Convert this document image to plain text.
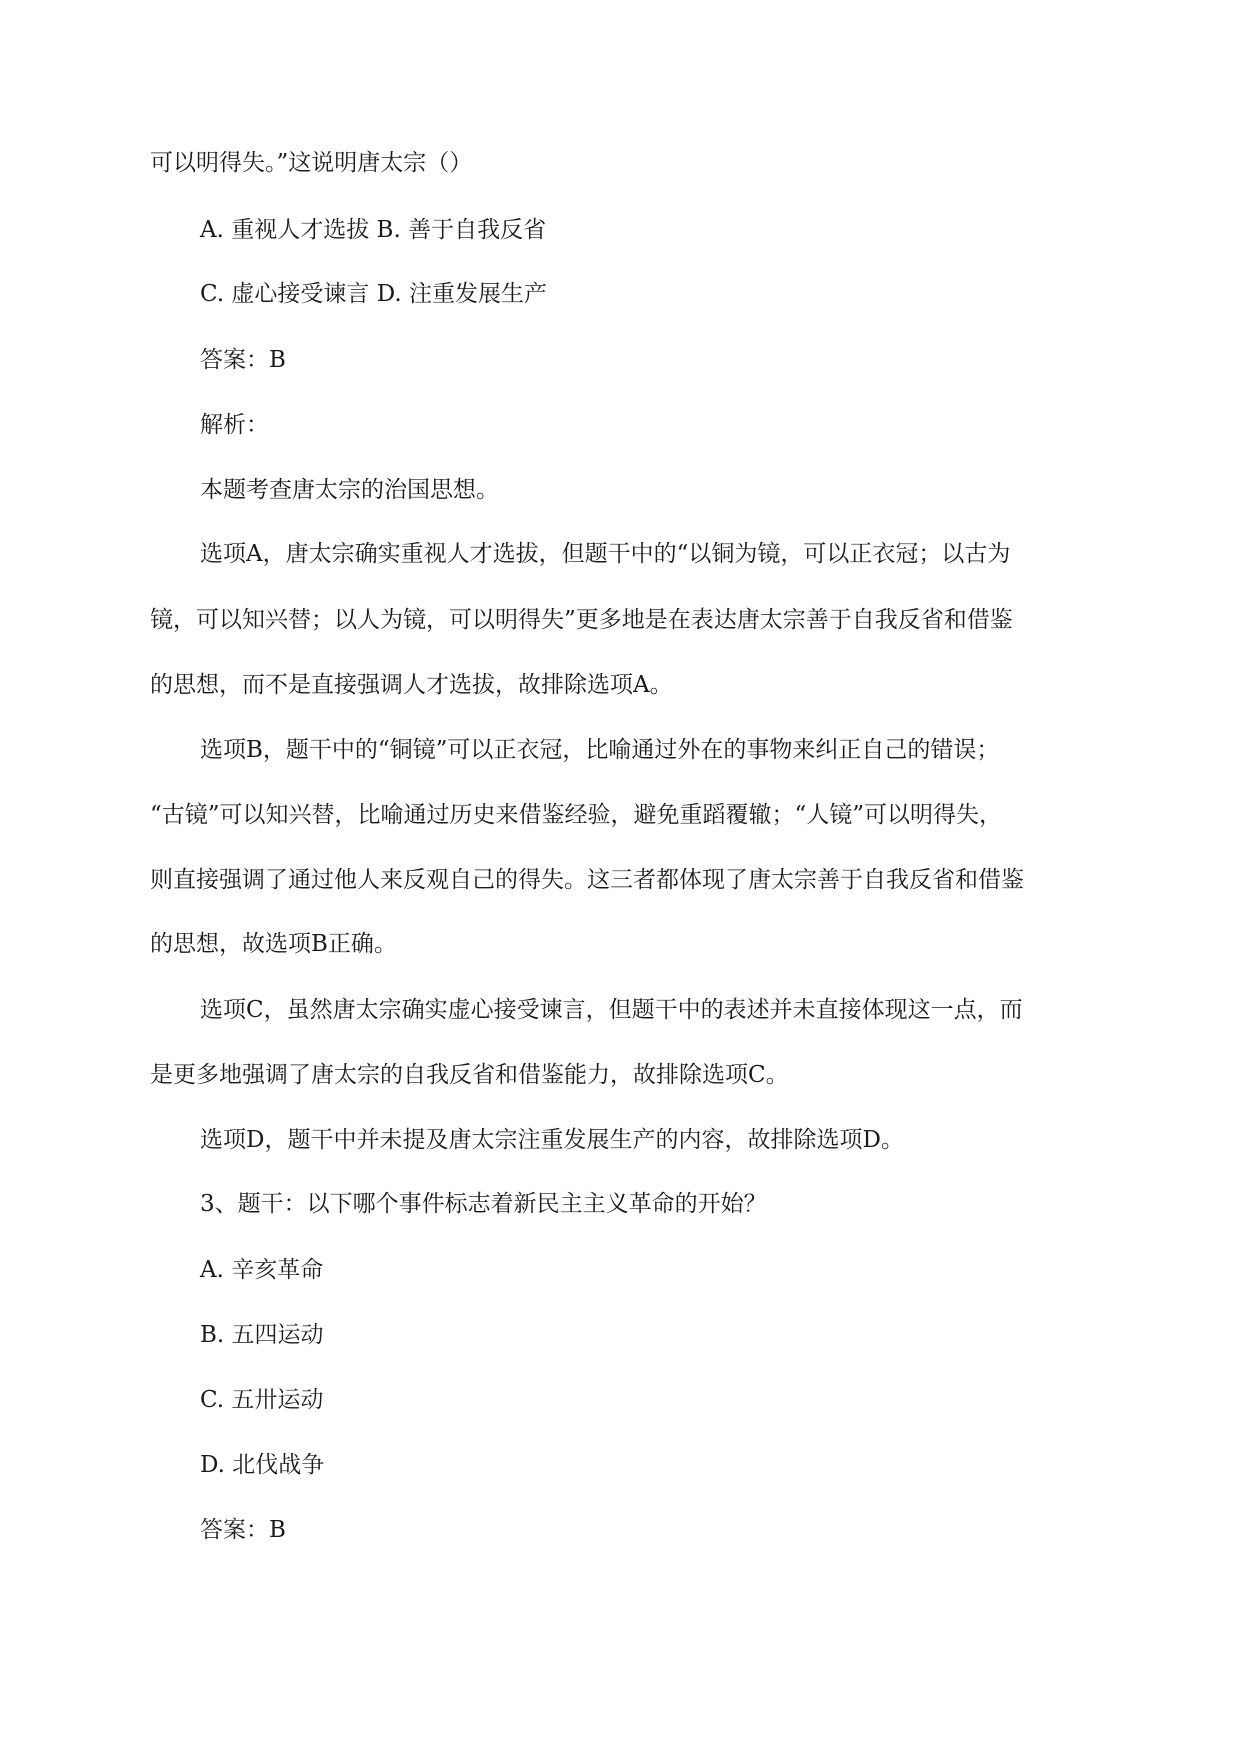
可以明得失。”这说明唐太宗（）

A. 重视人才选拔 B. 善于自我反省

C. 虚心接受谏言 D. 注重发展生产

答案：B

解析：

本题考查唐太宗的治国思想。

选项A，唐太宗确实重视人才选拔，但题干中的“以铜为镜，可以正衣冠；以古为

镜，可以知兴替；以人为镜，可以明得失”更多地是在表达唐太宗善于自我反省和借鉴

的思想，而不是直接强调人才选拔，故排除选项A。

选项B，题干中的“铜镜”可以正衣冠，比喻通过外在的事物来纠正自己的错误；

“古镜”可以知兴替，比喻通过历史来借鉴经验，避免重蹈覆辙；“人镜”可以明得失，

则直接强调了通过他人来反观自己的得失。这三者都体现了唐太宗善于自我反省和借鉴

的思想，故选项B正确。

选项C，虽然唐太宗确实虚心接受谏言，但题干中的表述并未直接体现这一点，而

是更多地强调了唐太宗的自我反省和借鉴能力，故排除选项C。

选项D，题干中并未提及唐太宗注重发展生产的内容，故排除选项D。

3、题干：以下哪个事件标志着新民主主义革命的开始？

A. 辛亥革命

B. 五四运动

C. 五卅运动

D. 北伐战争

答案：B
